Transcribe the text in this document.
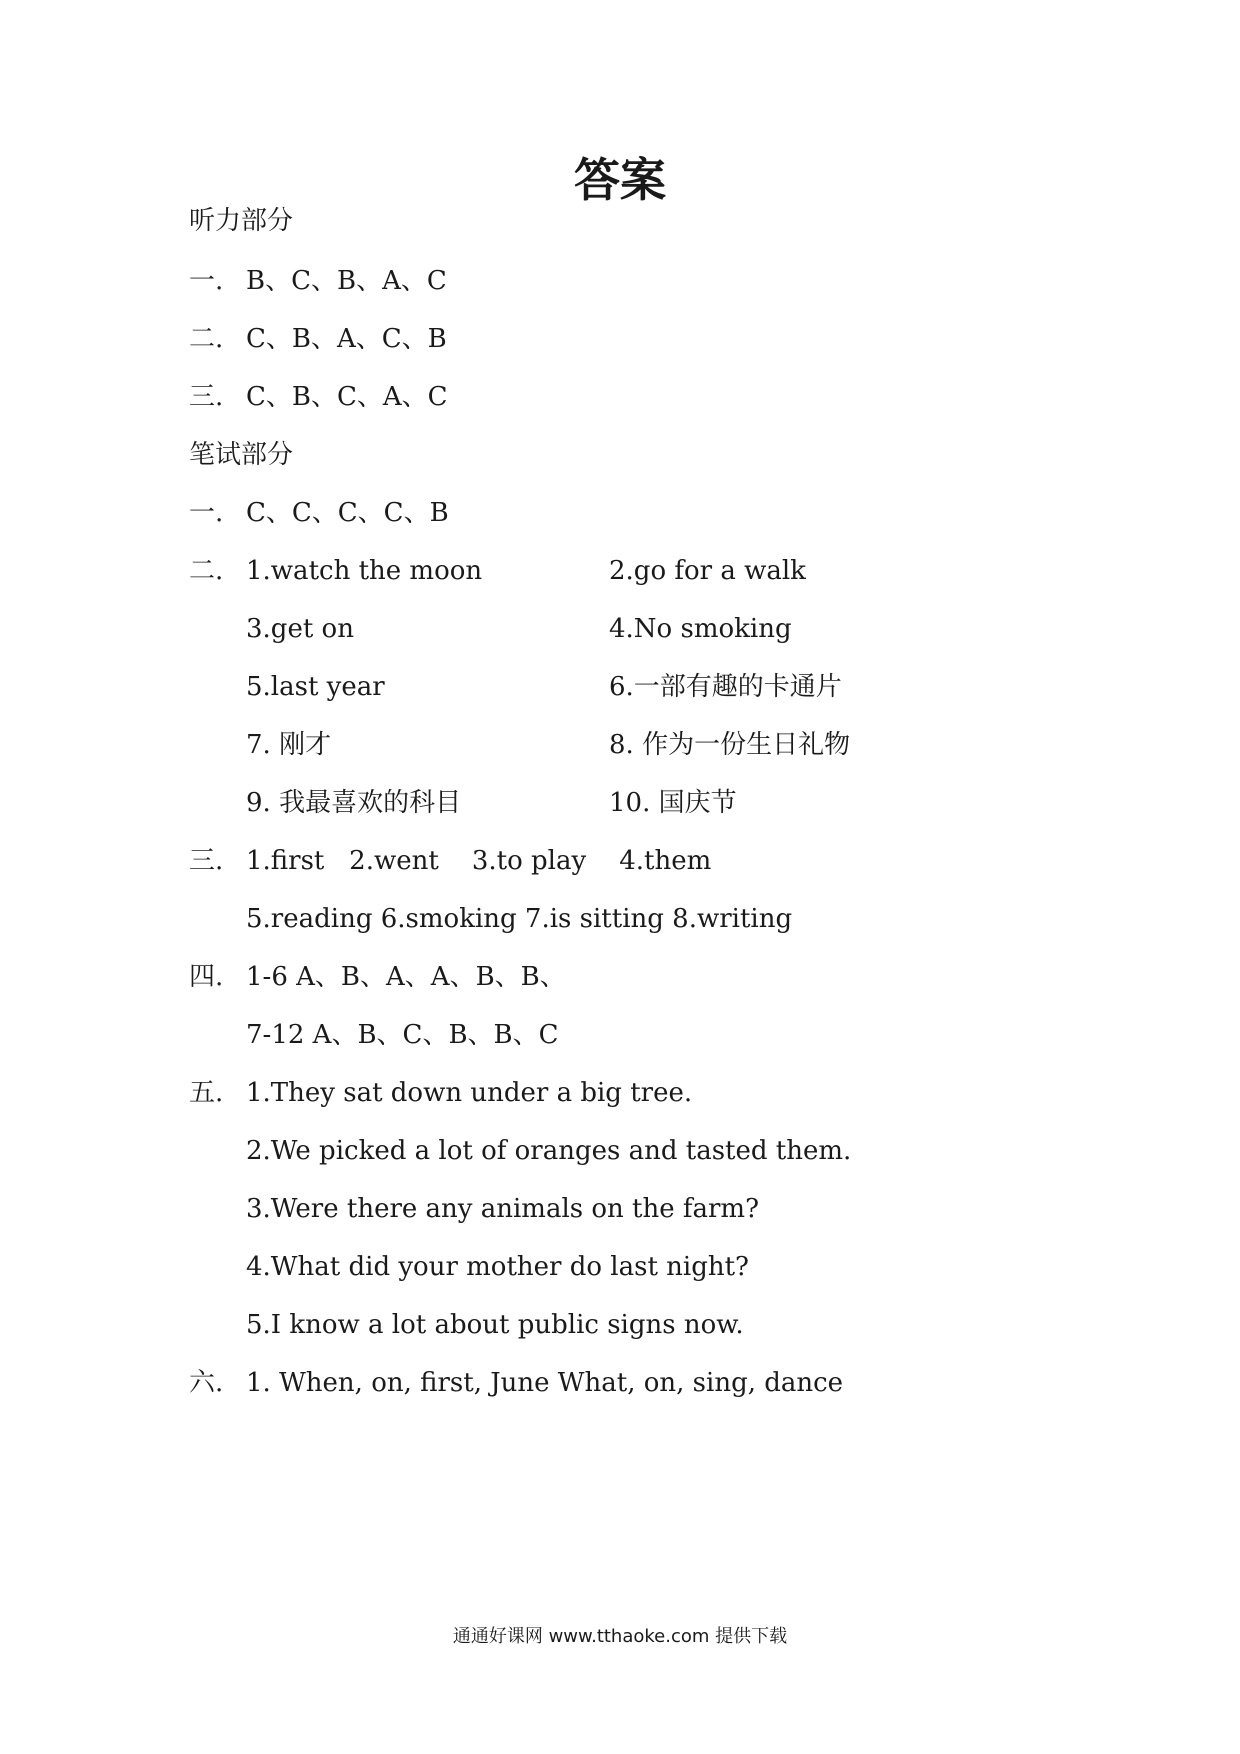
答案
听力部分
一. B、C、B、A、C
二. C、B、A、C、B
三. C、B、C、A、C
笔试部分
一. C、C、C、C、B
二. 1.watch the moon	2.go for a walk
3.get on	4.No smoking
5.last year	6.一部有趣的卡通片
7. 刚才	8. 作为一份生日礼物
9. 我最喜欢的科目	10. 国庆节
三. 1.first   2.went    3.to play    4.them
5.reading 6.smoking 7.is sitting 8.writing
四. 1-6 A、B、A、A、B、B、
7-12 A、B、C、B、B、C
五. 1.They sat down under a big tree.
2.We picked a lot of oranges and tasted them.
3.Were there any animals on the farm?
4.What did your mother do last night?
5.I know a lot about public signs now.
六. 1. When, on, first, June What, on, sing, dance
通通好课网 www.tthaoke.com 提供下载
